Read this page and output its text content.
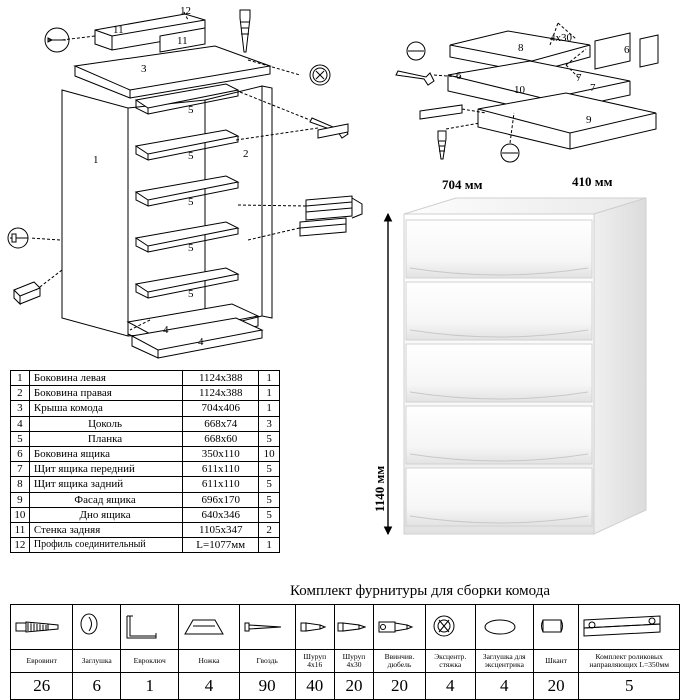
12
11
11
3
5
5
5
5
5
1	2
4
4
8
4х30
6
6
10
7
7
9
704 мм	410 мм
1140 мм
1	Боковина левая	1124х388	1
2	Боковина правая	1124х388	1
3	Крыша комода	704х406	1
4	Цоколь	668х74	3
5	Планка	668х60	5
6	Боковина ящика	350х110	10
7	Щит ящика передний	611х110	5
8	Щит ящика задний	611х110	5
9	Фасад ящика	696х170	5
10	Дно ящика	640х346	5
11	Стенка задняя	1105х347	2
12	Профиль соединительный	L=1077мм	1
Комплект фурнитуры для сборки комода

Евровинт	Заглушка	Евроключ	Ножка	Гвоздь	Шуруп 4х16	Шуруп 4х30	Ввинчив. дюбель	Эксцентр. стяжка	Заглушка для эксцентрика	Шкант	Комплект роликовых направляющих L=350мм
26	6	1	4	90	40	20	20	4	4	20	5
